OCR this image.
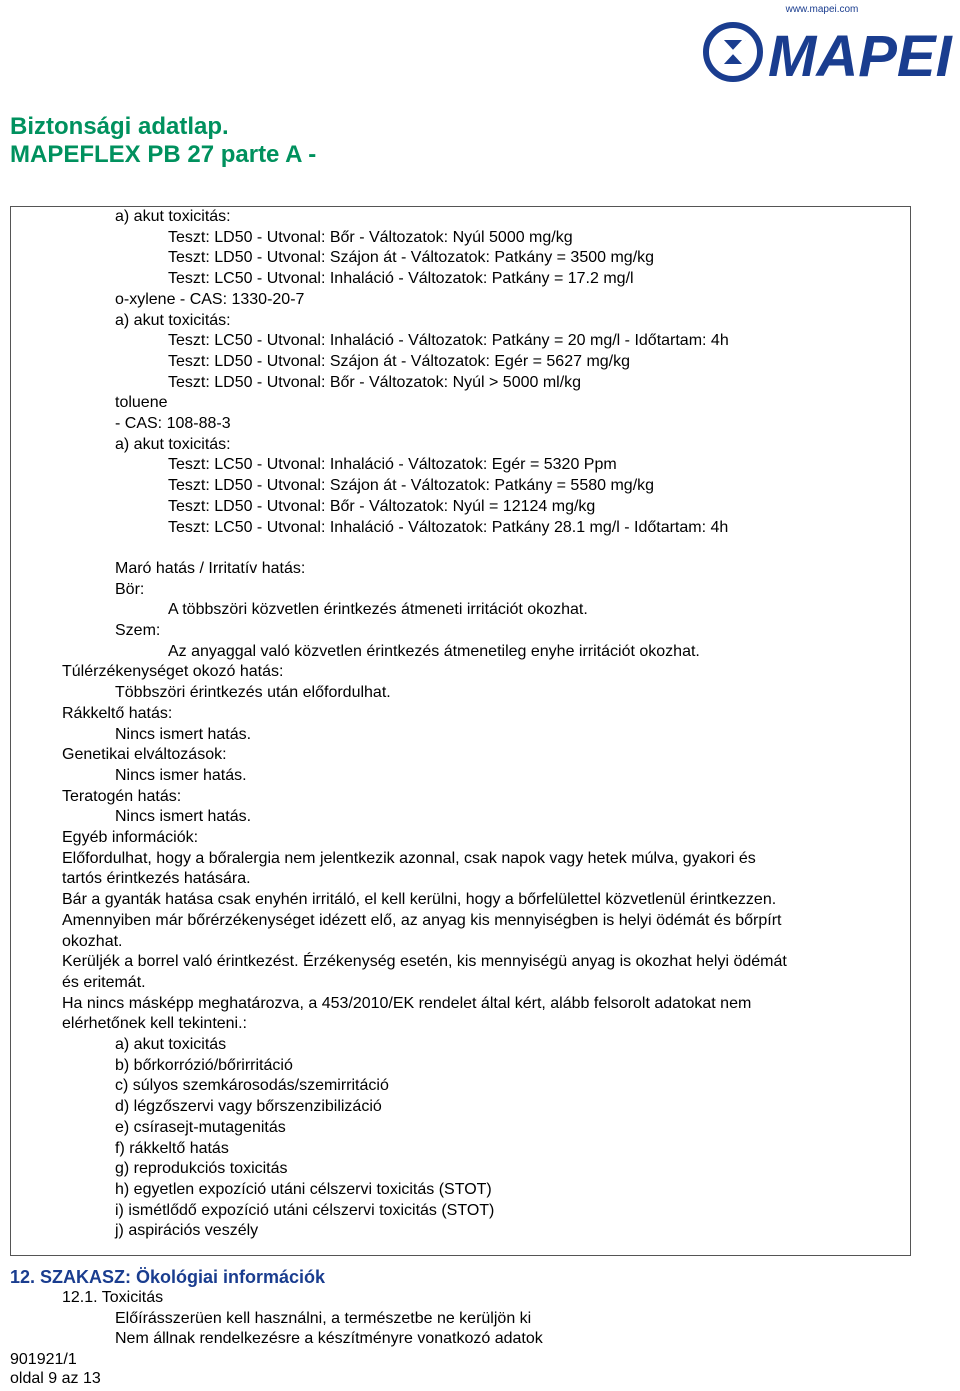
www.mapei.com
MAPEI
Biztonsági adatlap.
MAPEFLEX PB 27 parte A -
a) akut toxicitás:
Teszt: LD50 - Utvonal: Bőr - Változatok: Nyúl 5000 mg/kg
Teszt: LD50 - Utvonal: Szájon át - Változatok: Patkány = 3500 mg/kg
Teszt: LC50 - Utvonal: Inhaláció - Változatok: Patkány = 17.2 mg/l
o-xylene - CAS: 1330-20-7
a) akut toxicitás:
Teszt: LC50 - Utvonal: Inhaláció - Változatok: Patkány = 20 mg/l - Időtartam: 4h
Teszt: LD50 - Utvonal: Szájon át - Változatok: Egér = 5627 mg/kg
Teszt: LD50 - Utvonal: Bőr - Változatok: Nyúl > 5000 ml/kg
toluene
- CAS: 108-88-3
a) akut toxicitás:
Teszt: LC50 - Utvonal: Inhaláció - Változatok: Egér = 5320 Ppm
Teszt: LD50 - Utvonal: Szájon át - Változatok: Patkány = 5580 mg/kg
Teszt: LD50 - Utvonal: Bőr - Változatok: Nyúl = 12124 mg/kg
Teszt: LC50 - Utvonal: Inhaláció - Változatok: Patkány 28.1 mg/l - Időtartam: 4h
Maró hatás / Irritatív hatás:
Bör:
A többszöri közvetlen érintkezés átmeneti irritációt okozhat.
Szem:
Az anyaggal való közvetlen érintkezés átmenetileg enyhe irritációt okozhat.
Túlérzékenységet okozó hatás:
Többszöri érintkezés után előfordulhat.
Rákkeltő hatás:
Nincs ismert hatás.
Genetikai elváltozások:
Nincs ismer hatás.
Teratogén hatás:
Nincs ismert hatás.
Egyéb információk:
Előfordulhat, hogy a bőralergia nem jelentkezik azonnal, csak napok vagy hetek múlva, gyakori és
tartós érintkezés hatására.
Bár a gyanták hatása csak enyhén irritáló, el kell kerülni, hogy a bőrfelülettel közvetlenül érintkezzen.
Amennyiben már bőrérzékenységet idézett elő, az anyag kis mennyiségben is helyi ödémát és bőrpírt
okozhat.
Kerüljék a borrel való érintkezést. Érzékenység esetén, kis mennyiségü anyag is okozhat helyi ödémát
és eritemát.
Ha nincs másképp meghatározva, a 453/2010/EK rendelet által kért, alább felsorolt adatokat nem
elérhetőnek kell tekinteni.:
a) akut toxicitás
b) bőrkorrózió/bőrirritáció
c) súlyos szemkárosodás/szemirritáció
d) légzőszervi vagy bőrszenzibilizáció
e) csírasejt-mutagenitás
f) rákkeltő hatás
g) reprodukciós toxicitás
h) egyetlen expozíció utáni célszervi toxicitás (STOT)
i) ismétlődő expozíció utáni célszervi toxicitás (STOT)
j) aspirációs veszély
12. SZAKASZ: Ökológiai információk
12.1. Toxicitás
Előírásszerüen kell használni, a természetbe ne kerüljön ki
Nem állnak rendelkezésre a készítményre vonatkozó adatok
901921/1
oldal 9 az 13
